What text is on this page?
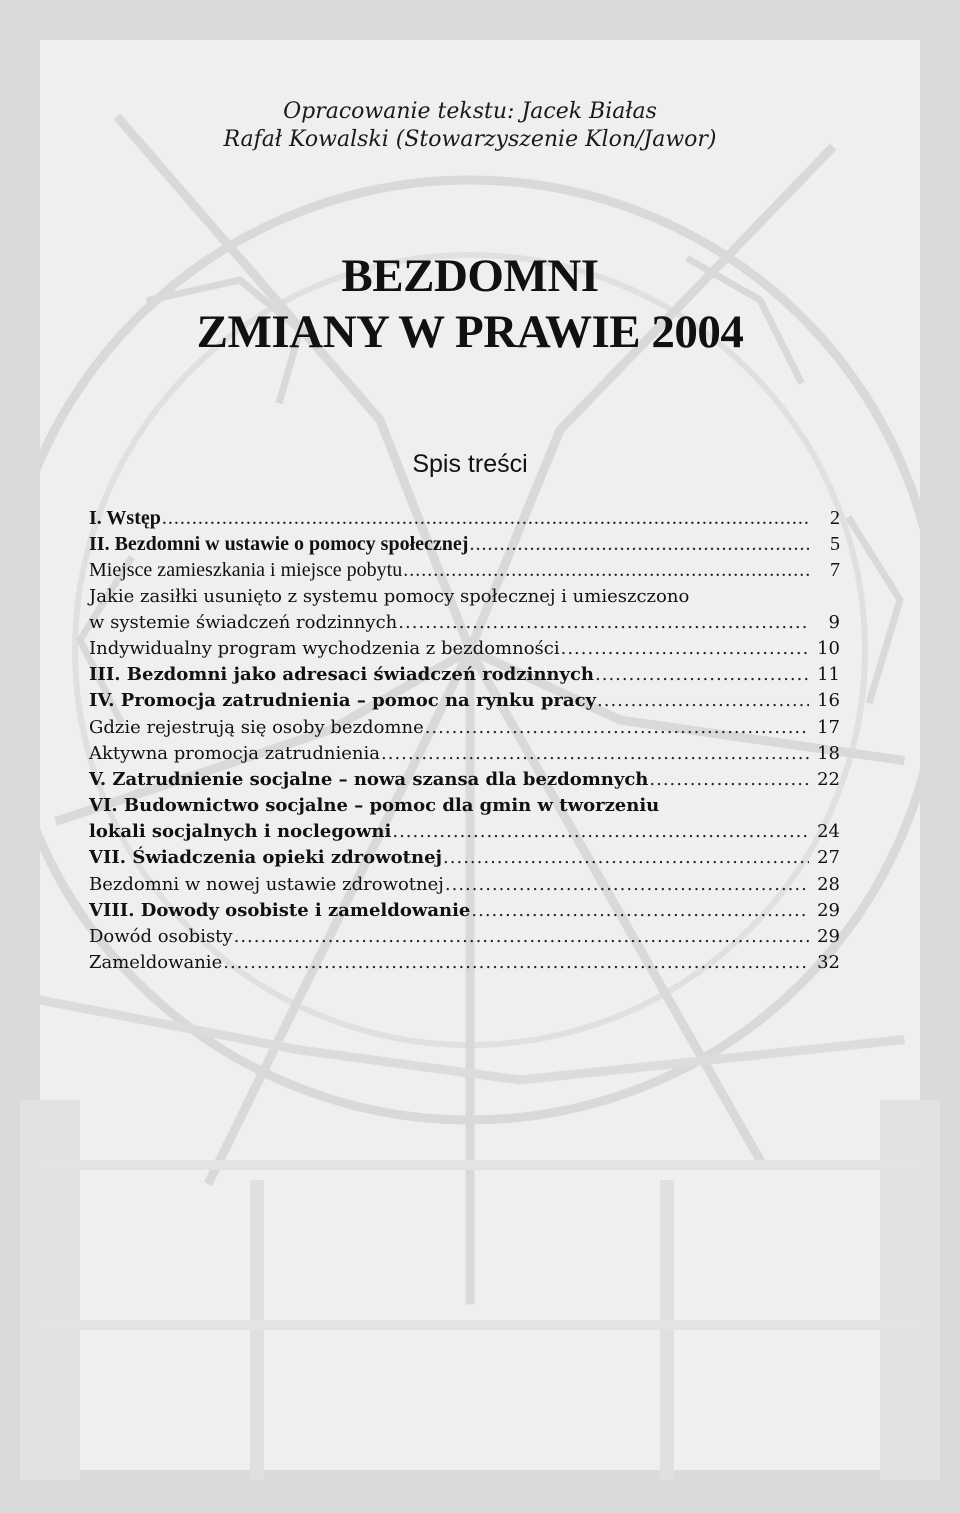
Opracowanie tekstu: Jacek Białas
Rafał Kowalski (Stowarzyszenie Klon/Jawor)
BEZDOMNI
ZMIANY W PRAWIE 2004
Spis treści
I. Wstęp .....	2
II. Bezdomni w ustawie o pomocy społecznej .....	5
Miejsce zamieszkania i miejsce pobytu .....	7
Jakie zasiłki usunięto z systemu pomocy społecznej i umieszczono
w systemie świadczeń rodzinnych .....	9
Indywidualny program wychodzenia z bezdomności .....	10
III. Bezdomni jako adresaci świadczeń rodzinnych .....	11
IV. Promocja zatrudnienia – pomoc na rynku pracy .....	16
Gdzie rejestrują się osoby bezdomne .....	17
Aktywna promocja zatrudnienia .....	18
V. Zatrudnienie socjalne – nowa szansa dla bezdomnych .....	22
VI. Budownictwo socjalne – pomoc dla gmin w tworzeniu
lokali socjalnych i noclegowni .....	24
VII. Świadczenia opieki zdrowotnej .....	27
Bezdomni w nowej ustawie zdrowotnej .....	28
VIII. Dowody osobiste i zameldowanie .....	29
Dowód osobisty .....	29
Zameldowanie .....	32
